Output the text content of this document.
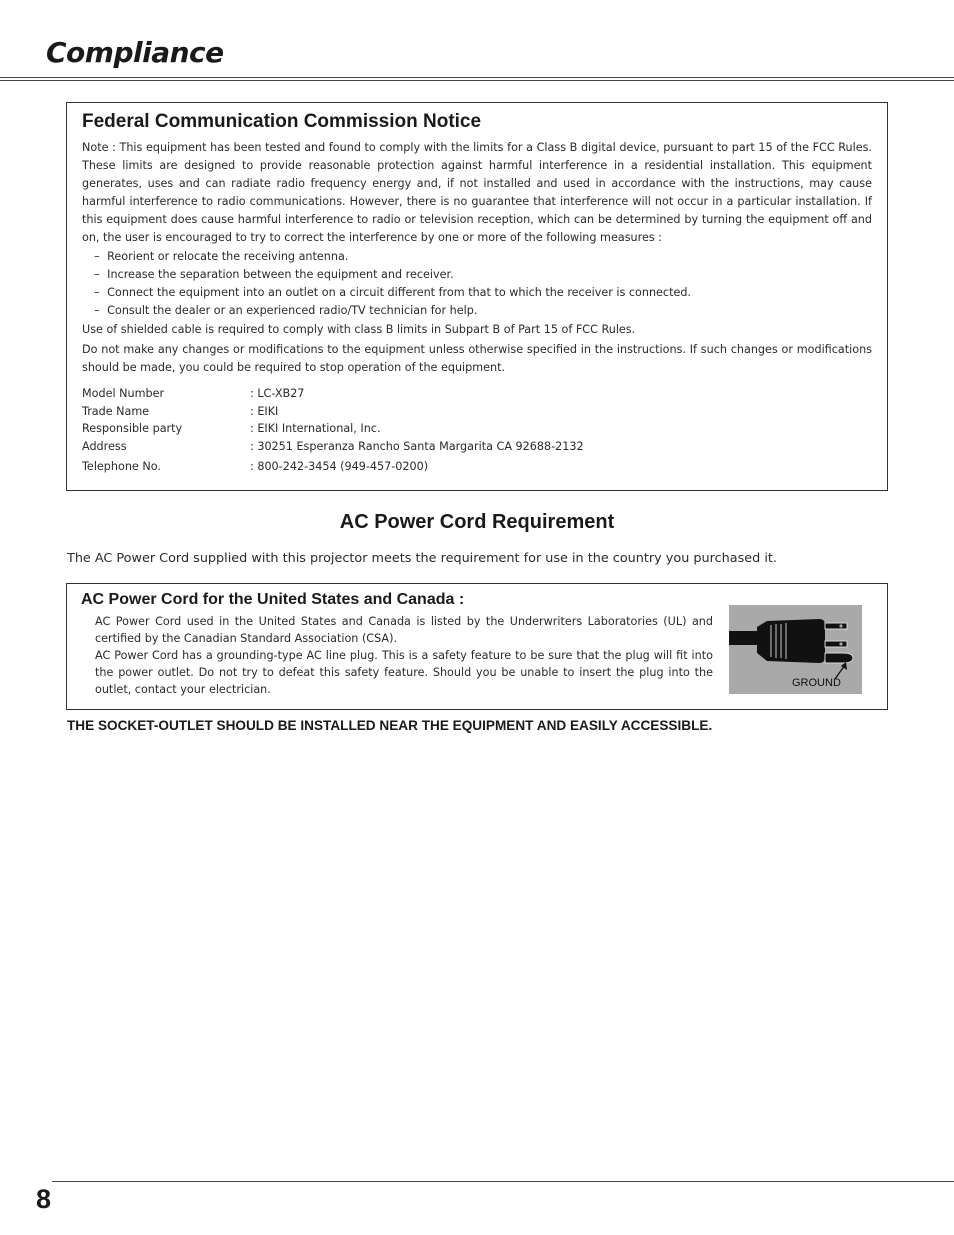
Compliance
Federal Communication Commission Notice

Note : This equipment has been tested and found to comply with the limits for a Class B digital device, pursuant to part 15 of the FCC Rules. These limits are designed to provide reasonable protection against harmful interference in a residential installation. This equipment generates, uses and can radiate radio frequency energy and, if not installed and used in accordance with the instructions, may cause harmful interference to radio communications. However, there is no guarantee that interference will not occur in a particular installation. If this equipment does cause harmful interference to radio or television reception, which can be determined by turning the equipment off and on, the user is encouraged to try to correct the interference by one or more of the following measures :

– Reorient or relocate the receiving antenna.
– Increase the separation between the equipment and receiver.
– Connect the equipment into an outlet on a circuit different from that to which the receiver is connected.
– Consult the dealer or an experienced radio/TV technician for help.

Use of shielded cable is required to comply with class B limits in Subpart B of Part 15 of FCC Rules.

Do not make any changes or modifications to the equipment unless otherwise specified in the instructions. If such changes or modifications should be made, you could be required to stop operation of the equipment.

Model Number	: LC-XB27
Trade Name	: EIKI
Responsible party	: EIKI International, Inc.
Address	: 30251 Esperanza Rancho Santa Margarita CA 92688-2132
Telephone No.	: 800-242-3454 (949-457-0200)
AC Power Cord Requirement

The AC Power Cord supplied with this projector meets the requirement for use in the country you purchased it.

AC Power Cord for the United States and Canada :

AC Power Cord used in the United States and Canada is listed by the Underwriters Laboratories (UL) and certified by the Canadian Standard Association (CSA).

AC Power Cord has a grounding-type AC line plug. This is a safety feature to be sure that the plug will fit into the power outlet. Do not try to defeat this safety feature. Should you be unable to insert the plug into the outlet, contact your electrician.	GROUND

THE SOCKET-OUTLET SHOULD BE INSTALLED NEAR THE EQUIPMENT AND EASILY ACCESSIBLE.

8
